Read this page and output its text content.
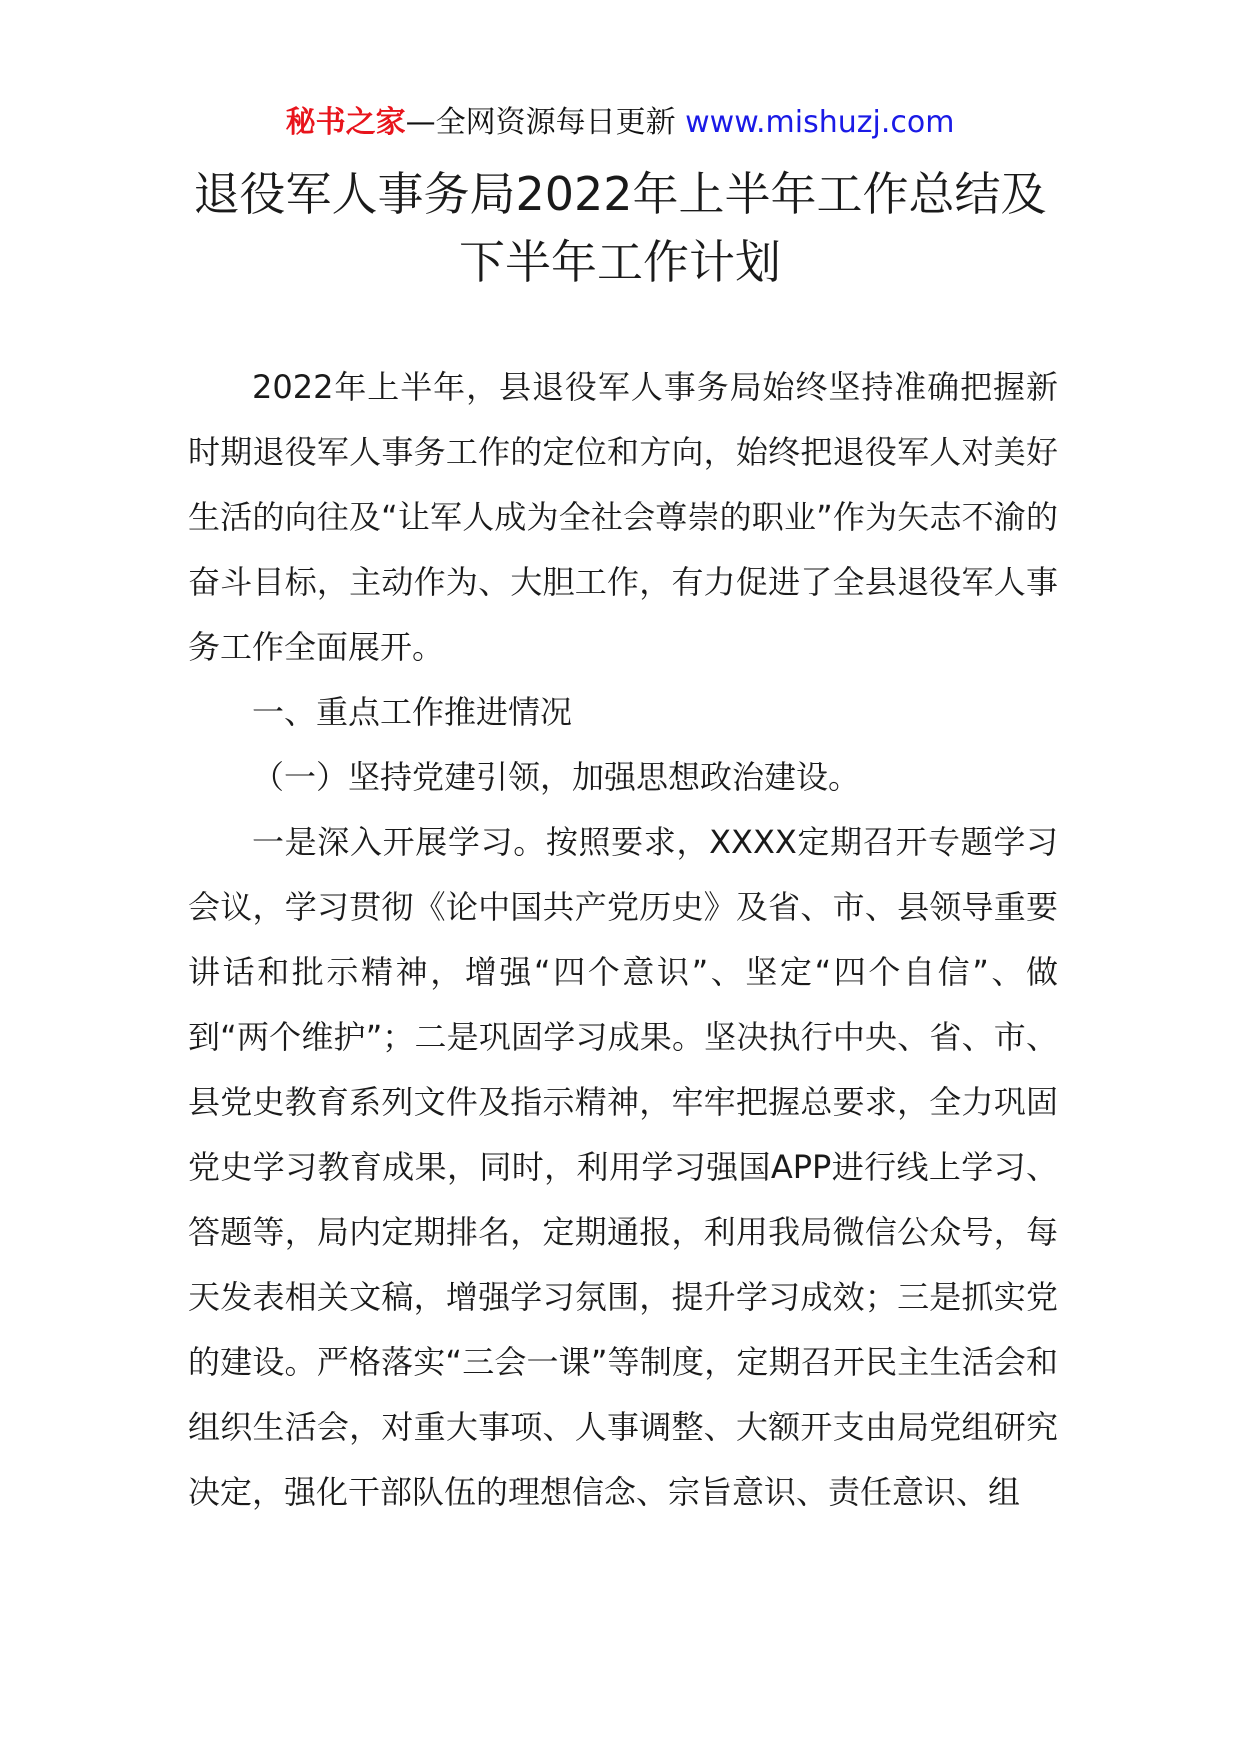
秘书之家—全网资源每日更新 www.mishuzj.com
退役军人事务局2022年上半年工作总结及
下半年工作计划

2022年上半年，县退役军人事务局始终坚持准确把握新时期退役军人事务工作的定位和方向，始终把退役军人对美好生活的向往及“让军人成为全社会尊崇的职业”作为矢志不渝的奋斗目标，主动作为、大胆工作，有力促进了全县退役军人事务工作全面展开。

一、重点工作推进情况

（一）坚持党建引领，加强思想政治建设。

一是深入开展学习。按照要求，XXXX定期召开专题学习会议，学习贯彻《论中国共产党历史》及省、市、县领导重要讲话和批示精神，增强“四个意识”、坚定“四个自信”、做到“两个维护”；二是巩固学习成果。坚决执行中央、省、市、县党史教育系列文件及指示精神，牢牢把握总要求，全力巩固党史学习教育成果，同时，利用学习强国APP进行线上学习、答题等，局内定期排名，定期通报，利用我局微信公众号，每天发表相关文稿，增强学习氛围，提升学习成效；三是抓实党的建设。严格落实“三会一课”等制度，定期召开民主生活会和组织生活会，对重大事项、人事调整、大额开支由局党组研究决定，强化干部队伍的理想信念、宗旨意识、责任意识、组
